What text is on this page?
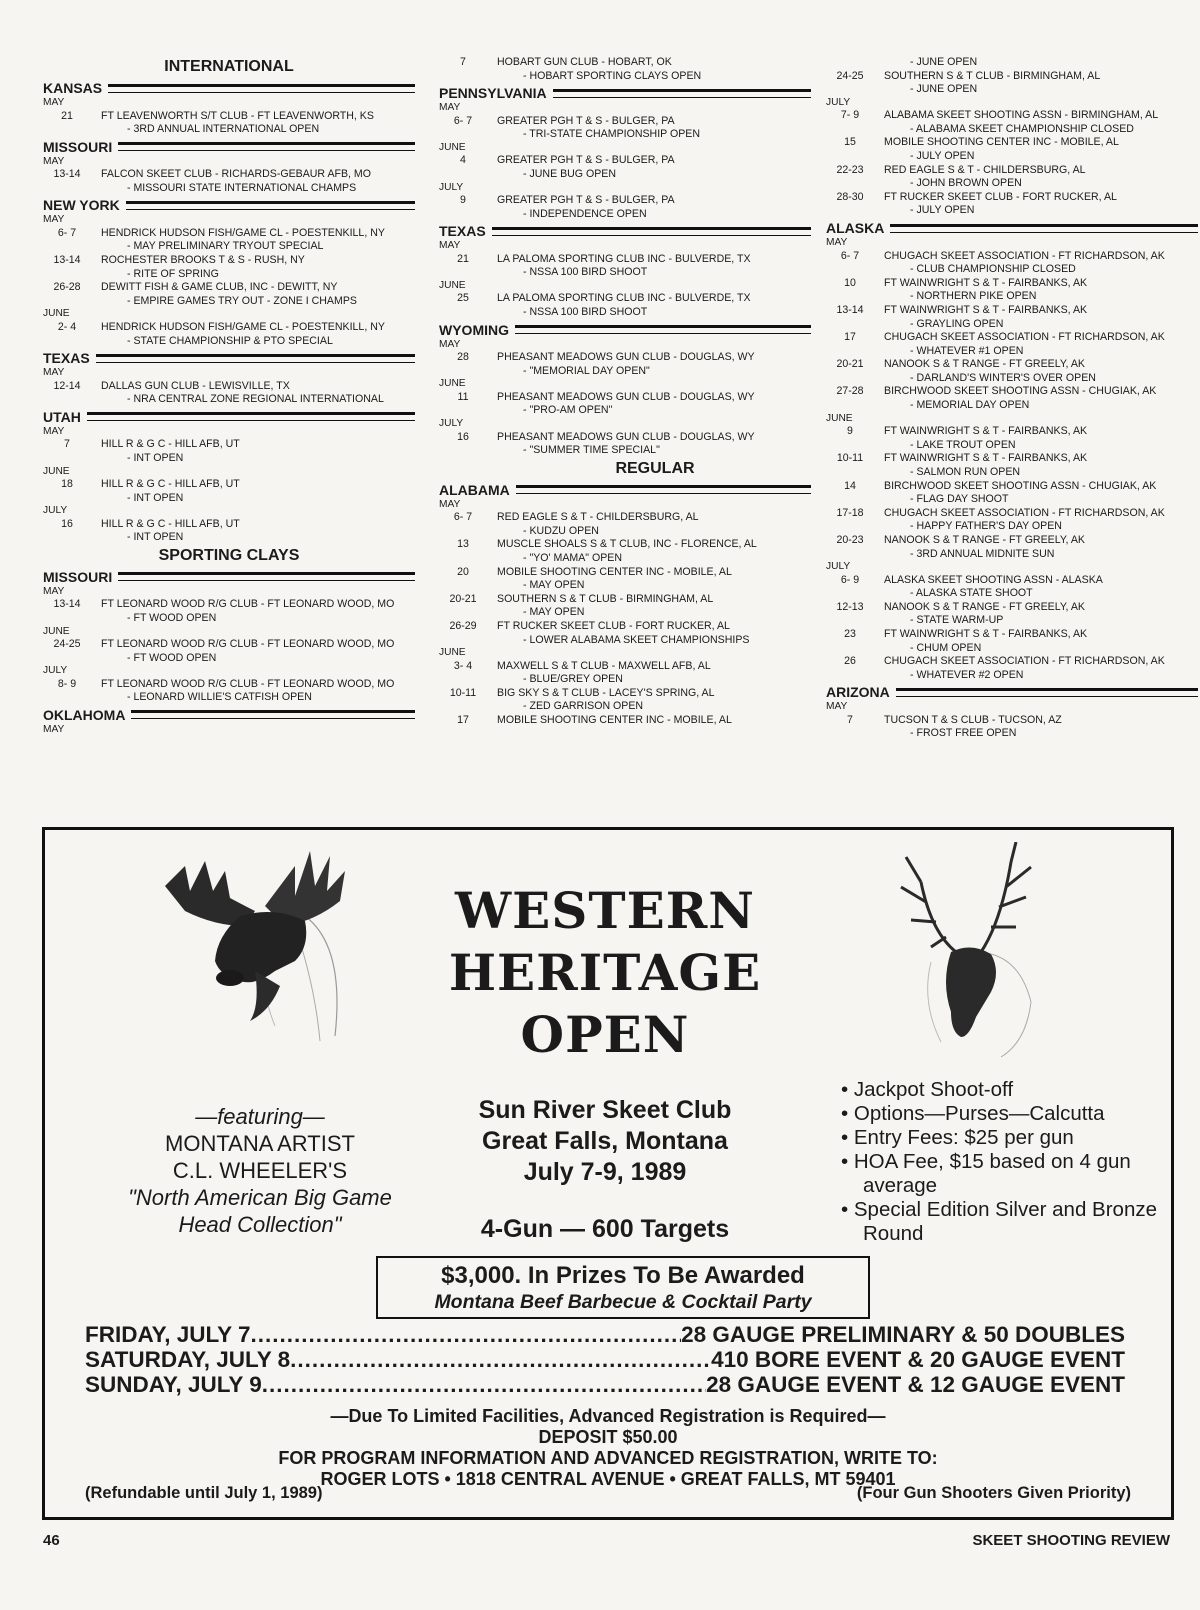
INTERNATIONAL
KANSAS
MAY
21	FT LEAVENWORTH S/T CLUB - FT LEAVENWORTH, KS
- 3RD ANNUAL INTERNATIONAL OPEN
MISSOURI
MAY
13-14	FALCON SKEET CLUB - RICHARDS-GEBAUR AFB, MO
- MISSOURI STATE INTERNATIONAL CHAMPS
NEW YORK
MAY
6- 7	HENDRICK HUDSON FISH/GAME CL - POESTENKILL, NY
- MAY PRELIMINARY TRYOUT SPECIAL
13-14	ROCHESTER BROOKS T & S - RUSH, NY
- RITE OF SPRING
26-28	DEWITT FISH & GAME CLUB, INC - DEWITT, NY
- EMPIRE GAMES TRY OUT - ZONE I CHAMPS
JUNE
2- 4	HENDRICK HUDSON FISH/GAME CL - POESTENKILL, NY
- STATE CHAMPIONSHIP & PTO SPECIAL
TEXAS
MAY
12-14	DALLAS GUN CLUB - LEWISVILLE, TX
- NRA CENTRAL ZONE REGIONAL INTERNATIONAL
UTAH
MAY
7	HILL R & G C - HILL AFB, UT
- INT OPEN
JUNE
18	HILL R & G C - HILL AFB, UT
- INT OPEN
JULY
16	HILL R & G C - HILL AFB, UT
- INT OPEN
SPORTING CLAYS
MISSOURI
MAY
13-14	FT LEONARD WOOD R/G CLUB - FT LEONARD WOOD, MO
- FT WOOD OPEN
JUNE
24-25	FT LEONARD WOOD R/G CLUB - FT LEONARD WOOD, MO
- FT WOOD OPEN
JULY
8- 9	FT LEONARD WOOD R/G CLUB - FT LEONARD WOOD, MO
- LEONARD WILLIE'S CATFISH OPEN
OKLAHOMA
MAY
7	HOBART GUN CLUB - HOBART, OK
- HOBART SPORTING CLAYS OPEN
PENNSYLVANIA
MAY
6- 7	GREATER PGH T & S - BULGER, PA
- TRI-STATE CHAMPIONSHIP OPEN
JUNE
4	GREATER PGH T & S - BULGER, PA
- JUNE BUG OPEN
JULY
9	GREATER PGH T & S - BULGER, PA
- INDEPENDENCE OPEN
TEXAS
MAY
21	LA PALOMA SPORTING CLUB INC - BULVERDE, TX
- NSSA 100 BIRD SHOOT
JUNE
25	LA PALOMA SPORTING CLUB INC - BULVERDE, TX
- NSSA 100 BIRD SHOOT
WYOMING
MAY
28	PHEASANT MEADOWS GUN CLUB - DOUGLAS, WY
- "MEMORIAL DAY OPEN"
JUNE
11	PHEASANT MEADOWS GUN CLUB - DOUGLAS, WY
- "PRO-AM OPEN"
JULY
16	PHEASANT MEADOWS GUN CLUB - DOUGLAS, WY
- "SUMMER TIME SPECIAL"
REGULAR
ALABAMA
MAY
6- 7	RED EAGLE S & T - CHILDERSBURG, AL
- KUDZU OPEN
13	MUSCLE SHOALS S & T CLUB, INC - FLORENCE, AL
- "YO' MAMA" OPEN
20	MOBILE SHOOTING CENTER INC - MOBILE, AL
- MAY OPEN
20-21	SOUTHERN S & T CLUB - BIRMINGHAM, AL
- MAY OPEN
26-29	FT RUCKER SKEET CLUB - FORT RUCKER, AL
- LOWER ALABAMA SKEET CHAMPIONSHIPS
JUNE
3- 4	MAXWELL S & T CLUB - MAXWELL AFB, AL
- BLUE/GREY OPEN
10-11	BIG SKY S & T CLUB - LACEY'S SPRING, AL
- ZED GARRISON OPEN
17	MOBILE SHOOTING CENTER INC - MOBILE, AL
- JUNE OPEN
24-25	SOUTHERN S & T CLUB - BIRMINGHAM, AL
- JUNE OPEN
JULY
7- 9	ALABAMA SKEET SHOOTING ASSN - BIRMINGHAM, AL
- ALABAMA SKEET CHAMPIONSHIP CLOSED
15	MOBILE SHOOTING CENTER INC - MOBILE, AL
- JULY OPEN
22-23	RED EAGLE S & T - CHILDERSBURG, AL
- JOHN BROWN OPEN
28-30	FT RUCKER SKEET CLUB - FORT RUCKER, AL
- JULY OPEN
ALASKA
MAY
6- 7	CHUGACH SKEET ASSOCIATION - FT RICHARDSON, AK
- CLUB CHAMPIONSHIP CLOSED
10	FT WAINWRIGHT S & T - FAIRBANKS, AK
- NORTHERN PIKE OPEN
13-14	FT WAINWRIGHT S & T - FAIRBANKS, AK
- GRAYLING OPEN
17	CHUGACH SKEET ASSOCIATION - FT RICHARDSON, AK
- WHATEVER #1 OPEN
20-21	NANOOK S & T RANGE - FT GREELY, AK
- DARLAND'S WINTER'S OVER OPEN
27-28	BIRCHWOOD SKEET SHOOTING ASSN - CHUGIAK, AK
- MEMORIAL DAY OPEN
JUNE
9	FT WAINWRIGHT S & T - FAIRBANKS, AK
- LAKE TROUT OPEN
10-11	FT WAINWRIGHT S & T - FAIRBANKS, AK
- SALMON RUN OPEN
14	BIRCHWOOD SKEET SHOOTING ASSN - CHUGIAK, AK
- FLAG DAY SHOOT
17-18	CHUGACH SKEET ASSOCIATION - FT RICHARDSON, AK
- HAPPY FATHER'S DAY OPEN
20-23	NANOOK S & T RANGE - FT GREELY, AK
- 3RD ANNUAL MIDNITE SUN
JULY
6- 9	ALASKA SKEET SHOOTING ASSN - ALASKA
- ALASKA STATE SHOOT
12-13	NANOOK S & T RANGE - FT GREELY, AK
- STATE WARM-UP
23	FT WAINWRIGHT S & T - FAIRBANKS, AK
- CHUM OPEN
26	CHUGACH SKEET ASSOCIATION - FT RICHARDSON, AK
- WHATEVER #2 OPEN
ARIZONA
MAY
7	TUCSON T & S CLUB - TUCSON, AZ
- FROST FREE OPEN
WESTERN
HERITAGE
OPEN
—featuring—
MONTANA ARTIST
C.L. WHEELER'S
"North American Big Game
Head Collection"
Sun River Skeet Club
Great Falls, Montana
July 7-9, 1989
• Jackpot Shoot-off
• Options—Purses—Calcutta
• Entry Fees: $25 per gun
• HOA Fee, $15 based on 4 gun average
• Special Edition Silver and Bronze Round
4-Gun — 600 Targets
$3,000. In Prizes To Be Awarded
Montana Beef Barbecue & Cocktail Party
FRIDAY, JULY 7 .....	28 GAUGE PRELIMINARY & 50 DOUBLES
SATURDAY, JULY 8 .....	410 BORE EVENT & 20 GAUGE EVENT
SUNDAY, JULY 9 .....	28 GAUGE EVENT & 12 GAUGE EVENT
—Due To Limited Facilities, Advanced Registration is Required—
DEPOSIT $50.00
FOR PROGRAM INFORMATION AND ADVANCED REGISTRATION, WRITE TO:
ROGER LOTS • 1818 CENTRAL AVENUE • GREAT FALLS, MT 59401
(Refundable until July 1, 1989)	(Four Gun Shooters Given Priority)
46	SKEET SHOOTING REVIEW
